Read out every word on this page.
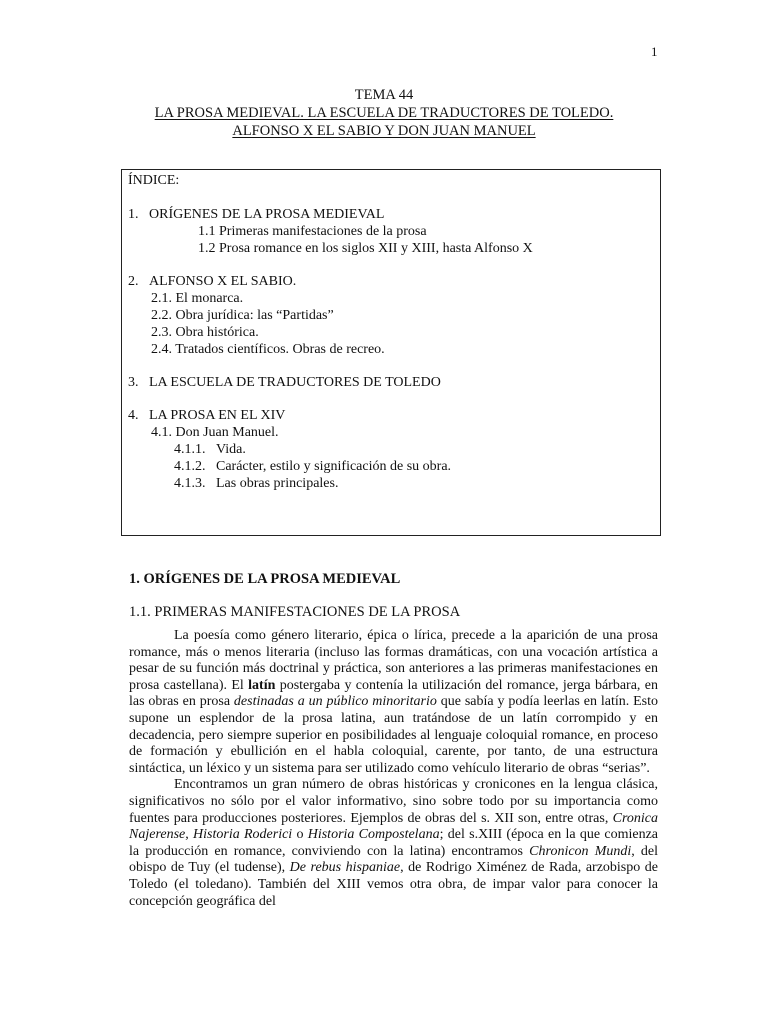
1
TEMA 44
LA PROSA MEDIEVAL. LA ESCUELA DE TRADUCTORES DE TOLEDO.
ALFONSO X EL SABIO Y DON JUAN MANUEL
ÍNDICE:
1.   ORÍGENES DE LA PROSA MEDIEVAL
1.1 Primeras manifestaciones de la prosa
1.2 Prosa romance en los siglos XII y XIII, hasta Alfonso X
2.   ALFONSO X EL SABIO.
2.1. El monarca.
2.2. Obra jurídica: las “Partidas”
2.3. Obra histórica.
2.4. Tratados científicos. Obras de recreo.
3.   LA ESCUELA DE TRADUCTORES DE TOLEDO
4.   LA PROSA EN EL XIV
4.1. Don Juan Manuel.
4.1.1.   Vida.
4.1.2.   Carácter, estilo y significación de su obra.
4.1.3.   Las obras principales.
1. ORÍGENES DE LA PROSA MEDIEVAL
1.1. PRIMERAS MANIFESTACIONES DE LA PROSA

La poesía como género literario, épica o lírica, precede a la aparición de una prosa romance, más o menos literaria (incluso las formas dramáticas, con una vocación artística a pesar de su función más doctrinal y práctica, son anteriores a las primeras manifestaciones en prosa castellana). El latín postergaba y contenía la utilización del romance, jerga bárbara, en las obras en prosa destinadas a un público minoritario que sabía y podía leerlas en latín. Esto supone un esplendor de la prosa latina, aun tratándose de un latín corrompido y en decadencia, pero siempre superior en posibilidades al lenguaje coloquial romance, en proceso de formación y ebullición en el habla coloquial, carente, por tanto, de una estructura sintáctica, un léxico y un sistema para ser utilizado como vehículo literario de obras “serias”.

Encontramos un gran número de obras históricas y cronicones en la lengua clásica, significativos no sólo por el valor informativo, sino sobre todo por su importancia como fuentes para producciones posteriores. Ejemplos de obras del s. XII son, entre otras, Cronica Najerense, Historia Roderici o Historia Compostelana; del s.XIII (época en la que comienza la producción en romance, conviviendo con la latina) encontramos Chronicon Mundi, del obispo de Tuy (el tudense), De rebus hispaniae, de Rodrigo Ximénez de Rada, arzobispo de Toledo (el toledano). También del XIII vemos otra obra, de impar valor para conocer la concepción geográfica del
